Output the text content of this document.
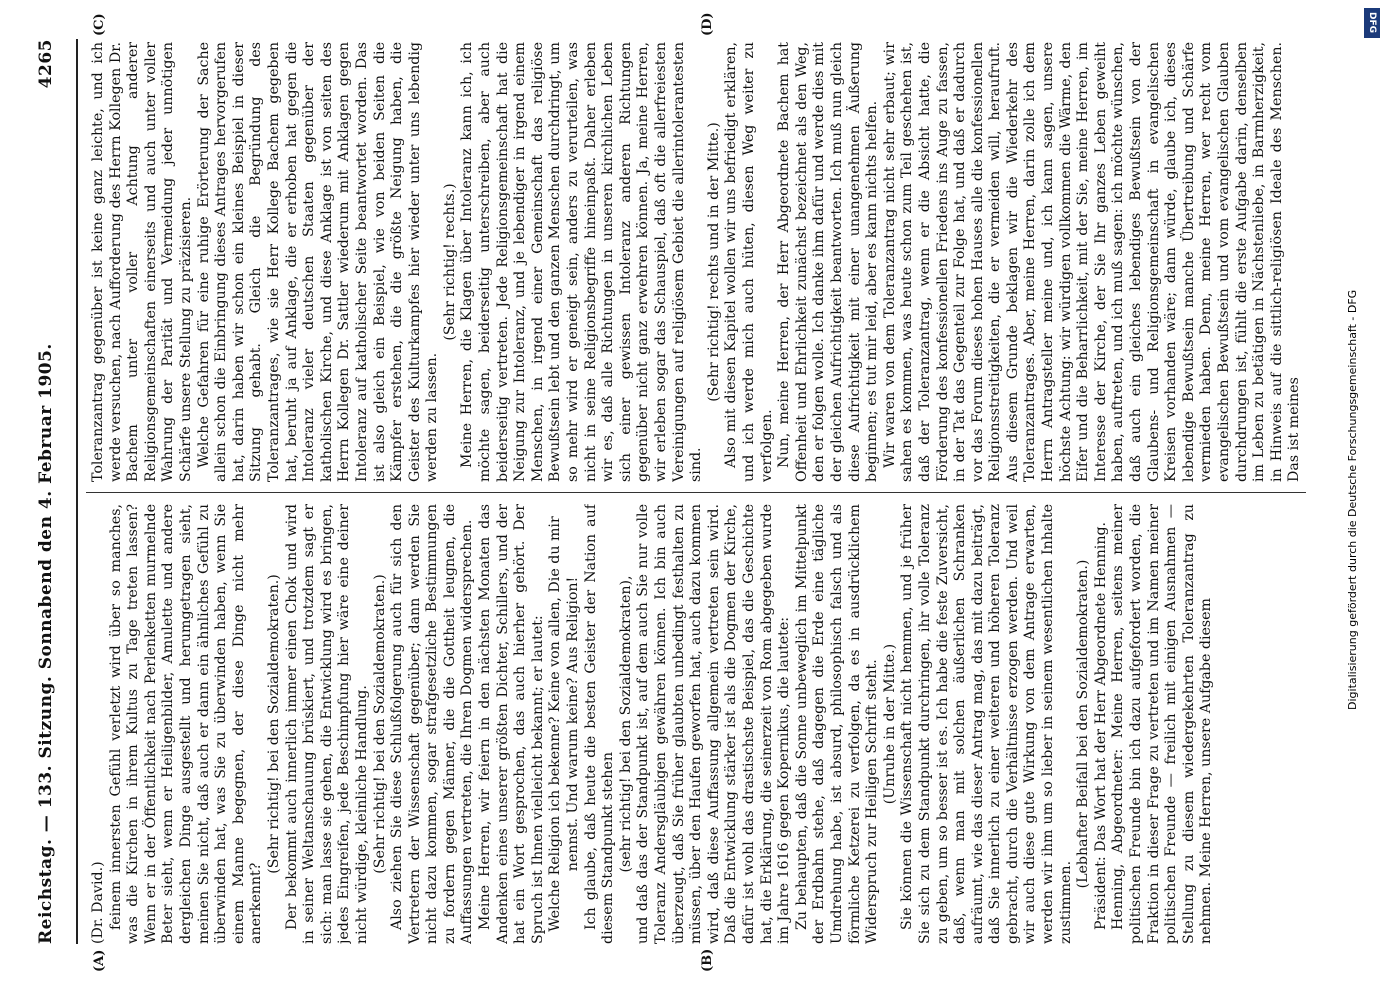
Reichstag. — 133. Sitzung. Sonnabend den 4. Februar 1905.
4265
(A)	(B)
(C)	(D)

(Dr. David.) feinem innersten Gefühl verletzt wird über so manches, was die Kirchen in ihrem Kultus zu Tage treten lassen? Wenn er in der Öffentlichkeit nach Perlenketten murmelnde Beter sieht, wenn er Heiligenbilder, Amulette und andere dergleichen Dinge ausgestellt und herumgetragen sieht, meinen Sie nicht, daß auch er dann ein ähnliches Gefühl zu überwinden hat, was Sie zu überwinden haben, wenn Sie einem Manne begegnen, der diese Dinge nicht mehr anerkennt?

(Sehr richtig! bei den Sozialdemokraten.) Der bekommt auch innerlich immer einen Chok und wird in seiner Weltanschauung brüskiert, und trotzdem sagt er sich: man lasse sie gehen, die Entwicklung wird es bringen, jedes Eingreifen, jede Beschimpfung hier wäre eine deiner nicht würdige, kleinliche Handlung. (Sehr richtig! bei den Sozialdemokraten.) Also ziehen Sie diese Schlußfolgerung auch für sich den Vertretern der Wissenschaft gegenüber; dann werden Sie nicht dazu kommen, sogar strafgesetzliche Bestimmungen zu fordern gegen Männer, die die Gottheit leugnen, die Auffassungen vertreten, die Ihren Dogmen widersprechen. Meine Herren, wir feiern in den nächsten Monaten das Andenken eines unserer größten Dichter, Schillers, und der hat ein Wort gesprochen, das auch hierher gehört. Der Spruch ist Ihnen vielleicht bekannt; er lautet: Welche Religion ich bekenne? Keine von allen, Die du mir nennst. Und warum keine? Aus Religion! Ich glaube, daß heute die besten Geister der Nation auf diesem Standpunkt stehen (sehr richtig! bei den Sozialdemokraten), und daß das der Standpunkt ist, auf dem auch Sie nur volle Toleranz Andersgläubigen gewähren können. Ich bin auch überzeugt, daß Sie früher glaubten unbedingt festhalten zu müssen, über den Haufen geworfen hat, auch dazu kommen wird, daß diese Auffassung allgemein vertreten sein wird. Daß die Entwicklung stärker ist als die Dogmen der Kirche, dafür ist wohl das drastischste Beispiel, das die Geschichte hat, die Erklärung, die seinerzeit von Rom abgegeben wurde im Jahre 1616 gegen Kopernikus, die lautete: Zu behaupten, daß die Sonne unbeweglich im Mittelpunkt der Erdbahn stehe, daß dagegen die Erde eine tägliche Umdrehung habe, ist absurd, philosophisch falsch und als förmliche Ketzerei zu verfolgen, da es in ausdrücklichem Widerspruch zur Heiligen Schrift steht. (Unruhe in der Mitte.) Sie können die Wissenschaft nicht hemmen, und je früher Sie sich zu dem Standpunkt durchringen, ihr volle Toleranz zu geben, um so besser ist es. Ich habe die feste Zuversicht, daß, wenn man mit solchen äußerlichen Schranken aufräumt, wie das dieser Antrag mag, das mit dazu beiträgt, daß Sie innerlich zu einer weiteren und höheren Toleranz gebracht, durch die Verhältnisse erzogen werden. Und weil wir auch diese gute Wirkung von dem Antrage erwarten, werden wir ihm um so lieber in seinem wesentlichen Inhalte zustimmen.

(Lebhafter Beifall bei den Sozialdemokraten.) Präsident: Das Wort hat der Herr Abgeordnete Henning. Henning, Abgeordneter: Meine Herren, seitens meiner politischen Freunde bin ich dazu aufgefordert worden, die Fraktion in dieser Frage zu vertreten und im Namen meiner politischen Freunde — freilich mit einigen Ausnahmen — Stellung zu diesem wiedergekehrten Toleranzantrag zu nehmen. Meine Herren, unsere Aufgabe diesem

Toleranzantrag gegenüber ist keine ganz leichte, und ich werde versuchen, nach Aufforderung des Herrn Kollegen Dr. Bachem unter voller Achtung anderer Religionsgemeinschaften einerseits und auch unter voller Wahrung der Parität und Vermeidung jeder unnötigen Schärfe unsere Stellung zu präzisieren. Welche Gefahren für eine ruhige Erörterung der Sache allein schon die Einbringung dieses Antrages hervorgerufen hat, darin haben wir schon ein kleines Beispiel in dieser Sitzung gehabt. Gleich die Begründung des Toleranzantrages, wie sie Herr Kollege Bachem gegeben hat, beruht ja auf Anklage, die er erhoben hat gegen die Intoleranz vieler deutschen Staaten gegenüber der katholischen Kirche, und diese Anklage ist von seiten des Herrn Kollegen Dr. Sattler wiederum mit Anklagen gegen Intoleranz auf katholischer Seite beantwortet worden. Das ist also gleich ein Beispiel, wie von beiden Seiten die Kämpfer erstehen, die die größte Neigung haben, die Geister des Kulturkampfes hier wieder unter uns lebendig werden zu lassen.

(Sehr richtig! rechts.) Meine Herren, die Klagen über Intoleranz kann ich, ich möchte sagen, beiderseitig unterschreiben, aber auch beiderseitig vertreten. Jede Religionsgemeinschaft hat die Neigung zur Intoleranz, und je lebendiger in irgend einem Menschen, in irgend einer Gemeinschaft das religiöse Bewußtsein lebt und den ganzen Menschen durchdringt, um so mehr wird er geneigt sein, anders zu verurteilen, was nicht in seine Religionsbegriffe hineinpaßt. Daher erleben wir es, daß alle Richtungen in unseren kirchlichen Leben sich einer gewissen Intoleranz anderen Richtungen gegenüber nicht ganz erwehren können. Ja, meine Herren, wir erleben sogar das Schauspiel, daß oft die allerfreiesten Vereinigungen auf religiösem Gebiet die allerintolerantesten sind.

(Sehr richtig! rechts und in der Mitte.) Also mit diesen Kapitel wollen wir uns befriedigt erklären, und ich werde mich auch hüten, diesen Weg weiter zu verfolgen. Nun, meine Herren, der Herr Abgeordnete Bachem hat Offenheit und Ehrlichkeit zunächst bezeichnet als den Weg, den er folgen wolle. Ich danke ihm dafür und werde dies mit der gleichen Aufrichtigkeit beantworten. Ich muß nun gleich diese Aufrichtigkeit mit einer unangenehmen Äußerung beginnen; es tut mir leid, aber es kann nichts helfen. Wir waren von dem Toleranzantrag nicht sehr erbaut; wir sahen es kommen, was heute schon zum Teil geschehen ist, daß der Toleranzantrag, wenn er die Absicht hatte, die Förderung des konfessionellen Friedens ins Auge zu fassen, in der Tat das Gegenteil zur Folge hat, und daß er dadurch vor das Forum dieses hohen Hauses alle die konfessionellen Religionsstreitigkeiten, die er vermeiden will, heraufruft. Aus diesem Grunde beklagen wir die Wiederkehr des Toleranzantrages. Aber, meine Herren, darin zolle ich dem Herrn Antragsteller meine und, ich kann sagen, unsere höchste Achtung: wir würdigen vollkommen die Wärme, den Eifer und die Beharrlichkeit, mit der Sie, meine Herren, im Interesse der Kirche, der Sie Ihr ganzes Leben geweiht haben, auftreten, und ich muß sagen: ich möchte wünschen, daß auch ein gleiches lebendiges Bewußtsein von der Glaubens- und Religionsgemeinschaft in evangelischen Kreisen vorhanden wäre; dann würde, glaube ich, dieses lebendige Bewußtsein manche Übertreibung und Schärfe vermieden haben. Denn, meine Herren, wer recht vom evangelischen Bewußtsein und vom evangelischen Glauben durchdrungen ist, fühlt die erste Aufgabe darin, denselben im Leben zu betätigen in Nächstenliebe, in Barmherzigkeit, in Hinweis auf die sittlich-religiösen Ideale des Menschen. Das ist meines	Digitalisierung gefördert durch die Deutsche Forschungsgemeinschaft - DFG
DFG
